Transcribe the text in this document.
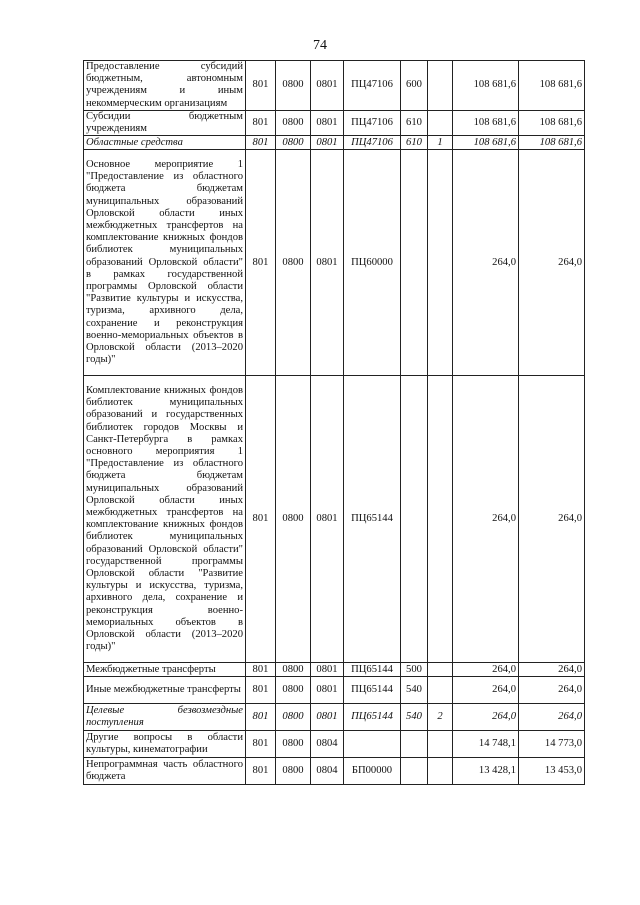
74
Предоставление субсидий бюджетным, автономным учреждениям и иным некоммерческим организациям	801	0800	0801	ПЦ47106	600		108 681,6	108 681,6
Субсидии бюджетным учреждениям	801	0800	0801	ПЦ47106	610		108 681,6	108 681,6
Областные средства	801	0800	0801	ПЦ47106	610	1	108 681,6	108 681,6
Основное мероприятие 1 "Предоставление из областного бюджета бюджетам муниципальных образований Орловской области иных межбюджетных трансфертов на комплектование книжных фондов библиотек муниципальных образований Орловской области" в рамках государственной программы Орловской области "Развитие культуры и искусства, туризма, архивного дела, сохранение и реконструкция военно-мемориальных объектов в Орловской области (2013–2020 годы)"	801	0800	0801	ПЦ60000			264,0	264,0
Комплектование книжных фондов библиотек муниципальных образований и государственных библиотек городов Москвы и Санкт-Петербурга в рамках основного мероприятия 1 "Предоставление из областного бюджета бюджетам муниципальных образований Орловской области иных межбюджетных трансфертов на комплектование книжных фондов библиотек муниципальных образований Орловской области" государственной программы Орловской области "Развитие культуры и искусства, туризма, архивного дела, сохранение и реконструкция военно-мемориальных объектов в Орловской области (2013–2020 годы)"	801	0800	0801	ПЦ65144			264,0	264,0
Межбюджетные трансферты	801	0800	0801	ПЦ65144	500		264,0	264,0
Иные межбюджетные трансферты	801	0800	0801	ПЦ65144	540		264,0	264,0
Целевые безвозмездные поступления	801	0800	0801	ПЦ65144	540	2	264,0	264,0
Другие вопросы в области культуры, кинематографии	801	0800	0804				14 748,1	14 773,0
Непрограммная часть областного бюджета	801	0800	0804	БП00000			13 428,1	13 453,0
